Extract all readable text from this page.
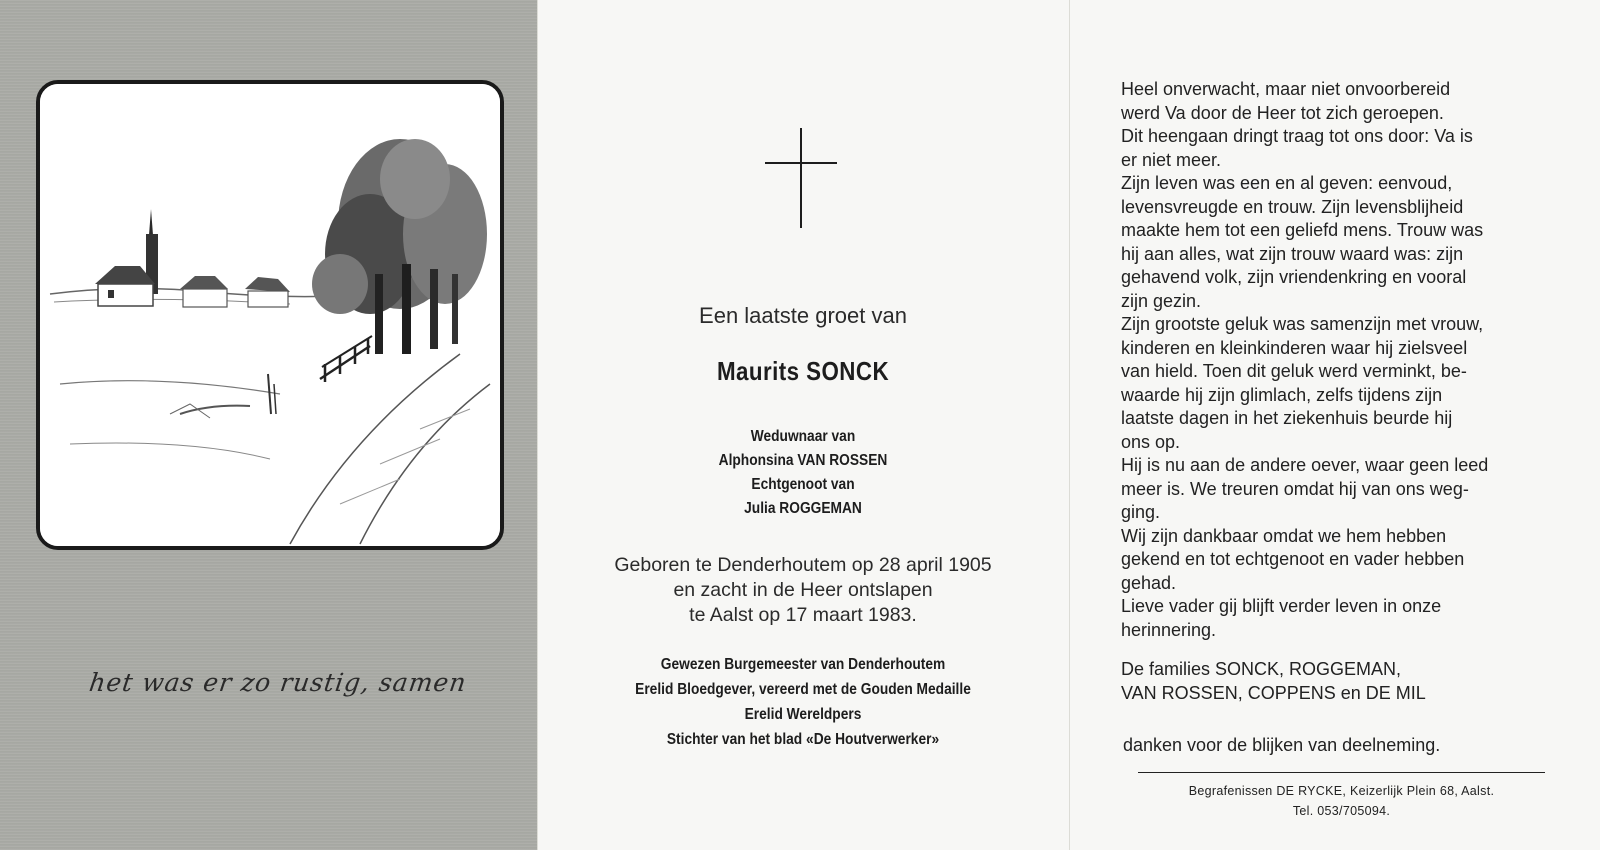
het was er zo rustig, samen
Een laatste groet van
Maurits SONCK
Weduwnaar van
Alphonsina VAN ROSSEN
Echtgenoot van
Julia ROGGEMAN
Geboren te Denderhoutem op 28 april 1905
en zacht in de Heer ontslapen
te Aalst op 17 maart 1983.
Gewezen Burgemeester van Denderhoutem
Erelid Bloedgever, vereerd met de Gouden Medaille
Erelid Wereldpers
Stichter van het blad «De Houtverwerker»
Heel onverwacht, maar niet onvoorbereid
werd Va door de Heer tot zich geroepen.
Dit heengaan dringt traag tot ons door: Va is
er niet meer.
Zijn leven was een en al geven: eenvoud,
levensvreugde en trouw. Zijn levensblijheid
maakte hem tot een geliefd mens. Trouw was
hij aan alles, wat zijn trouw waard was: zijn
gehavend volk, zijn vriendenkring en vooral
zijn gezin.
Zijn grootste geluk was samenzijn met vrouw,
kinderen en kleinkinderen waar hij zielsveel
van hield. Toen dit geluk werd verminkt, be-
waarde hij zijn glimlach, zelfs tijdens zijn
laatste dagen in het ziekenhuis beurde hij
ons op.
Hij is nu aan de andere oever, waar geen leed
meer is. We treuren omdat hij van ons weg-
ging.
Wij zijn dankbaar omdat we hem hebben
gekend en tot echtgenoot en vader hebben
gehad.
Lieve vader gij blijft verder leven in onze
herinnering.
De families SONCK, ROGGEMAN,
VAN ROSSEN, COPPENS en DE MIL
danken voor de blijken van deelneming.
Begrafenissen DE RYCKE, Keizerlijk Plein 68, Aalst.
Tel. 053/705094.
